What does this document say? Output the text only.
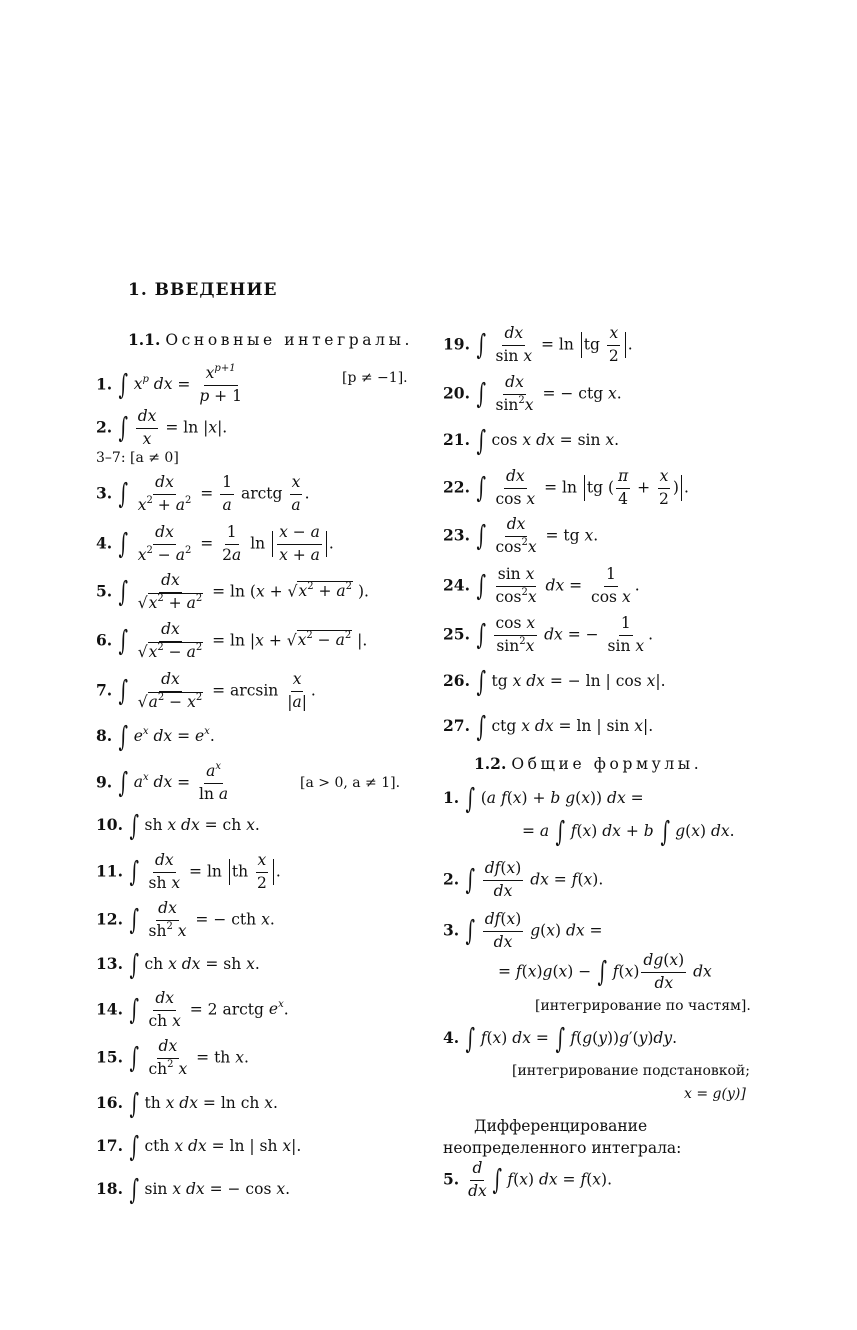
1. ВВЕДЕНИЕ
1.1. Основные интегралы.
1. ∫ $x^p$ dx = $\frac{x^{p+1}}{p + 1}$	[p ≠ −1].
2. ∫ $\frac{dx}{x} = \ln |x|$.
3–7: [a ≠ 0]
3. ∫ $\frac{dx}{x^2 + a^2} = \frac{1}{a}$ arctg $\frac{x}{a}$ .
4. ∫ $\frac{dx}{x^2 - a^2} = \frac{1}{2a}$ $\ln \frac{x - a}{x + a}$ .
5. ∫ $\frac{dx}{√x^2 + a^2} = \ln (x + √x^2 + a^2$ ).
6. ∫ $\frac{dx}{√x^2 - a^2} = \ln |x + √x^2 - a^2$ |.
7. ∫ $\frac{dx}{√a^2 - x^2} = \arcsin \frac{x}{|a|}$ .
8. ∫ $e^x$ dx = $e^x$.
9. ∫ $a^x$ dx = $\frac{a^x}{\text{ln a}}$	[a > 0, a ≠ 1].
10. ∫ sh x dx = ch x.
11. ∫ $\frac{dx}{\text{sh x}} = \ln$ th $\frac{x}{2}$ .
12. ∫ $\frac{dx}{sh^2 x}$ = − cth x.
13. ∫ ch x dx = sh x.
14. ∫ $\frac{dx}{\text{ch x}} = 2$ arctg $e^x$.
15. ∫ $\frac{dx}{ch^2 x}$ = th x.
16. ∫ th x dx = ln ch x.
17. ∫ cth x dx = ln | sh x|.
18. ∫ sin x dx = − cos x.
19. ∫ $\frac{dx}{\text{sin x}} = \ln$ tg $\frac{x}{2}$ .
20. ∫ $\frac{dx}{\sin^2x}$ = − ctg x.
21. ∫ cos x dx = sin x.
22. ∫ $\frac{dx}{\text{cos x}} = \ln$ tg ( $\frac{\pi}{4} + \frac{x}{2}$ ) .
23. ∫ $\frac{dx}{\cos^2x}$ = tg x.
24. ∫ $\frac{\text{sin x}}{\cos^2x}$ dx = $\frac{1}{\text{cos x}}$ .
25. ∫ $\frac{\text{cos x}}{\sin^2x}$ dx = − $\frac{1}{\text{sin x}}$ .
26. ∫ tg x dx = − ln | cos x|.
27. ∫ ctg x dx = ln | sin x|.
1.2. Общие формулы.
1. ∫ (a f(x) + b g(x)) dx =
= a ∫ f(x) dx + b ∫ g(x) dx.
2. ∫ $\frac{df(x)}{dx}$ dx = f(x).
3. ∫ $\frac{df(x)}{dx} g(x)$ dx =
= f(x)g(x) − ∫ $f(x) \frac{dg(x)}{dx}$ dx
[интегрирование по частям].
4. ∫ f(x) dx = ∫ f(g(y))g′(y)dy.
[интегрирование подстановкой;
x = g(y)]
Дифференцирование неопределенного интеграла:
5. $\frac{d}{dx}$ ∫ f(x) dx = f(x).
